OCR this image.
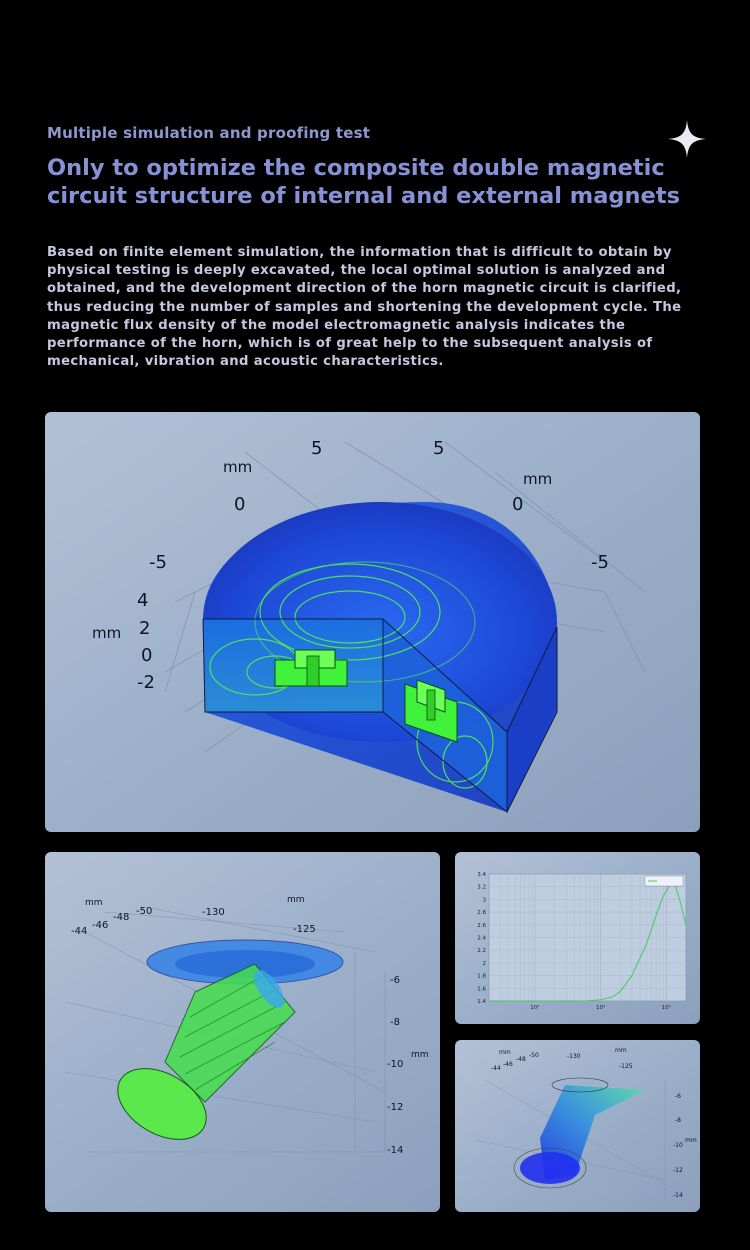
Multiple simulation and proofing test
Only to optimize the composite double magnetic circuit structure of internal and external magnets
Based on finite element simulation, the information that is difficult to obtain by physical testing is deeply excavated, the local optimal solution is analyzed and obtained, and the development direction of the horn magnetic circuit is clarified, thus reducing the number of samples and shortening the development cycle. The magnetic flux density of the model electromagnetic analysis indicates the performance of the horn, which is of great help to the subsequent analysis of mechanical, vibration and acoustic characteristics.
mm
mm
mm
5	5
0	0
-5	-5
4
2
0
-2
mm	mm
mm
-44
-46
-48
-50	-130
-125
-6
-8
-10
-12
-14
1.4
1.6
1.8
2
2.2
2.4
2.6
2.8
3
3.2
3.4
10²	10³	10⁴
mm	mm
mm
-44
-46
-48
-50	-130
-125
-6
-8
-10
-12
-14
